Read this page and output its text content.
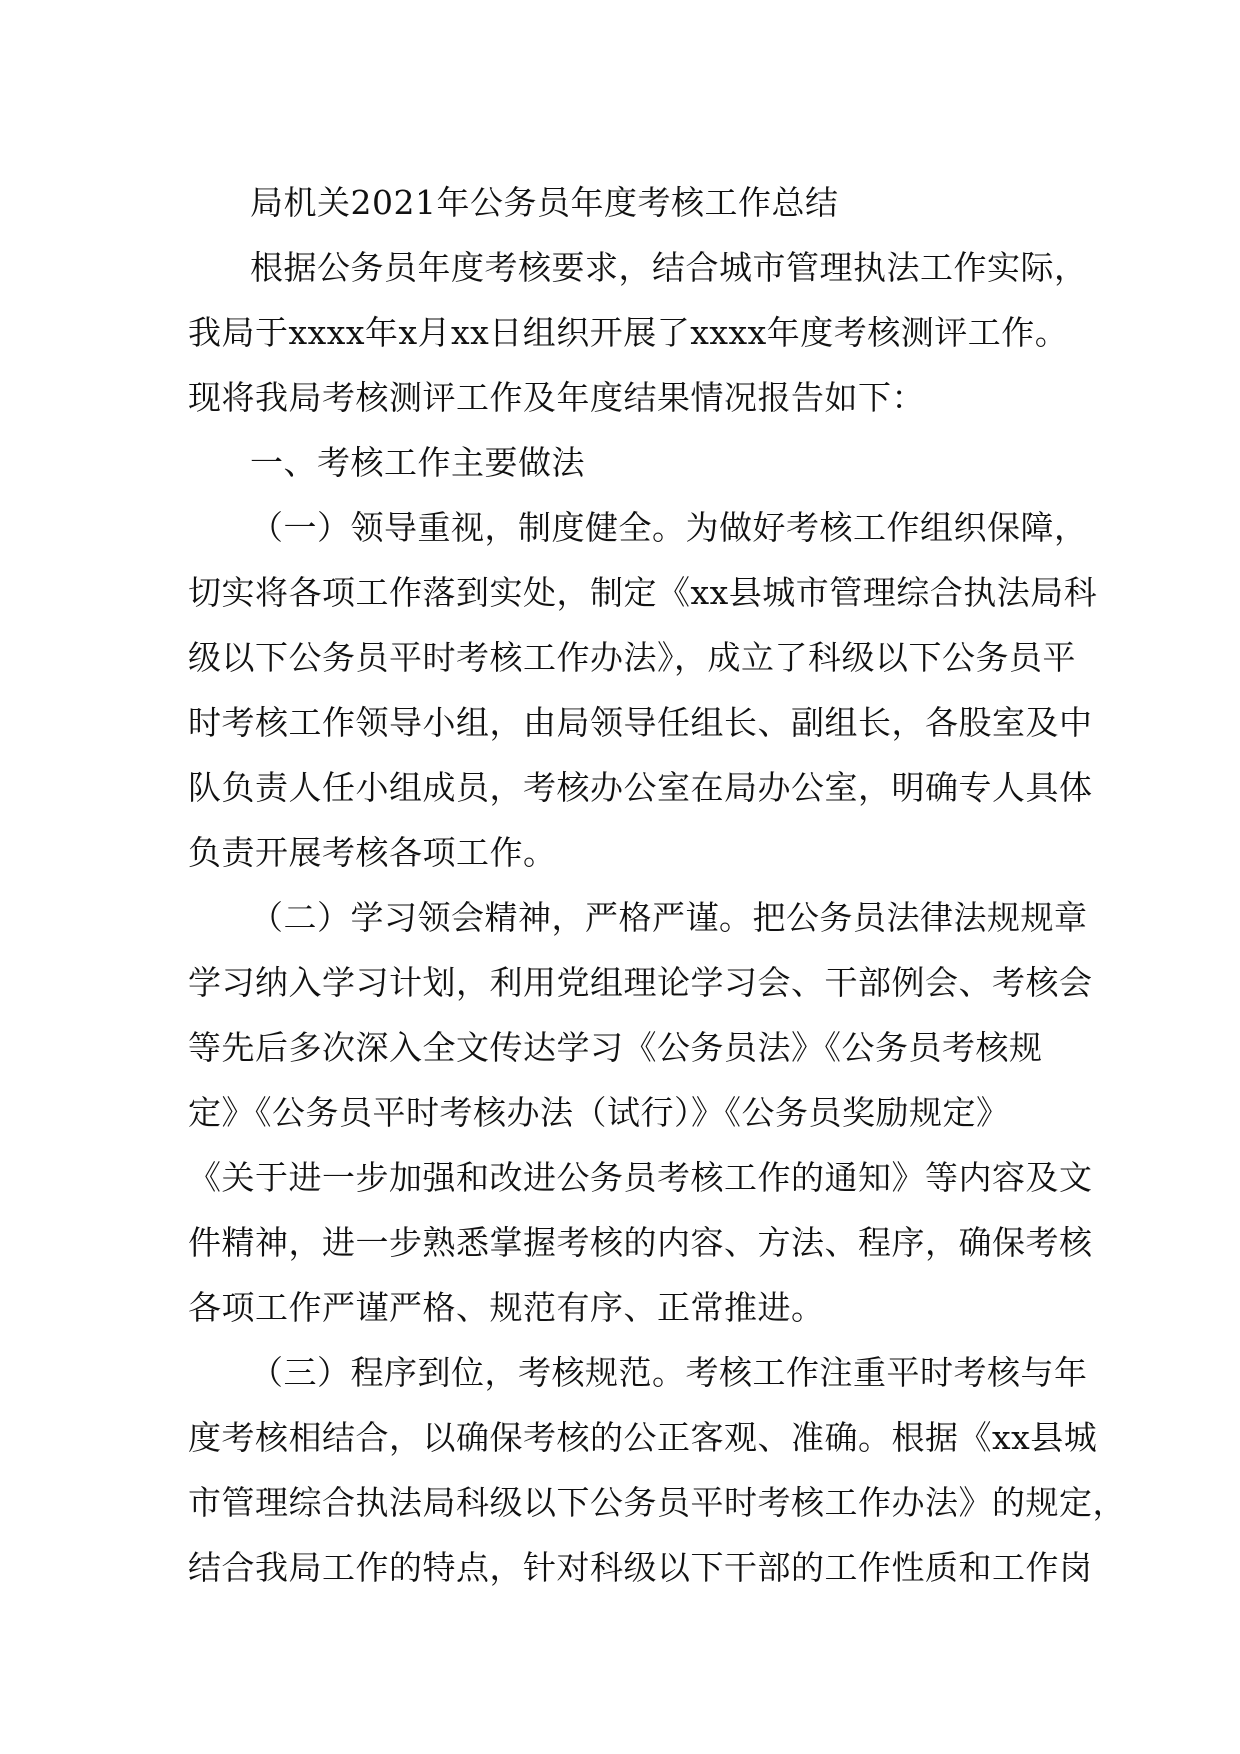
局机关2021年公务员年度考核工作总结
根据公务员年度考核要求，结合城市管理执法工作实际，
我局于xxxx年x月xx日组织开展了xxxx年度考核测评工作。
现将我局考核测评工作及年度结果情况报告如下：
一、考核工作主要做法
（一）领导重视，制度健全。为做好考核工作组织保障，
切实将各项工作落到实处，制定《xx县城市管理综合执法局科
级以下公务员平时考核工作办法》，成立了科级以下公务员平
时考核工作领导小组，由局领导任组长、副组长，各股室及中
队负责人任小组成员，考核办公室在局办公室，明确专人具体
负责开展考核各项工作。
（二）学习领会精神，严格严谨。把公务员法律法规规章
学习纳入学习计划，利用党组理论学习会、干部例会、考核会
等先后多次深入全文传达学习《公务员法》《公务员考核规
定》《公务员平时考核办法（试行）》《公务员奖励规定》
《关于进一步加强和改进公务员考核工作的通知》等内容及文
件精神，进一步熟悉掌握考核的内容、方法、程序，确保考核
各项工作严谨严格、规范有序、正常推进。
（三）程序到位，考核规范。考核工作注重平时考核与年
度考核相结合，以确保考核的公正客观、准确。根据《xx县城
市管理综合执法局科级以下公务员平时考核工作办法》的规定，
结合我局工作的特点，针对科级以下干部的工作性质和工作岗
